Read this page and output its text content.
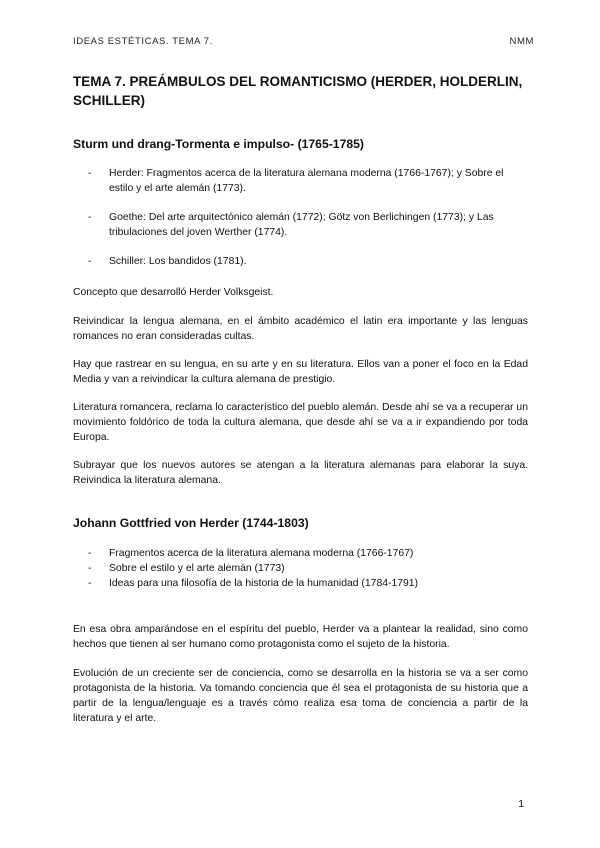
IDEAS ESTÉTICAS. TEMA 7.	NMM
TEMA 7. PREÁMBULOS DEL ROMANTICISMO (HERDER, HOLDERLIN, SCHILLER)
Sturm und drang-Tormenta e impulso- (1765-1785)
- Herder: Fragmentos acerca de la literatura alemana moderna (1766-1767); y Sobre el estilo y el arte alemán (1773).
- Goethe: Del arte arquitectónico alemán (1772); Götz von Berlichingen (1773); y Las tribulaciones del joven Werther (1774).
- Schiller: Los bandidos (1781).

Concepto que desarrolló Herder Volksgeist.

Reivindicar la lengua alemana, en el ámbito académico el latin era importante y las lenguas romances no eran consideradas cultas.

Hay que rastrear en su lengua, en su arte y en su literatura. Ellos van a poner el foco en la Edad Media y van a reivindicar la cultura alemana de prestigio.

Literatura romancera, reclama lo característico del pueblo alemán. Desde ahí se va a recuperar un movimiento foldórico de toda la cultura alemana, que desde ahí se va a ir expandiendo por toda Europa.

Subrayar que los nuevos autores se atengan a la literatura alemanas para elaborar la suya. Reivindica la literatura alemana.

Johann Gottfried von Herder (1744-1803)
- Fragmentos acerca de la literatura alemana moderna (1766-1767)
- Sobre el estilo y el arte alemán (1773)
- Ideas para una filosofía de la historia de la humanidad (1784-1791)

En esa obra amparándose en el espíritu del pueblo, Herder va a plantear la realidad, sino como hechos que tienen al ser humano como protagonista como el sujeto de la historia.

Evolución de un creciente ser de conciencia, como se desarrolla en la historia se va a ser como protagonista de la historia. Va tomando conciencia que él sea el protagonista de su historia que a partir de la lengua/lenguaje es a través cómo realiza esa toma de conciencia a partir de la literatura y el arte.

1
